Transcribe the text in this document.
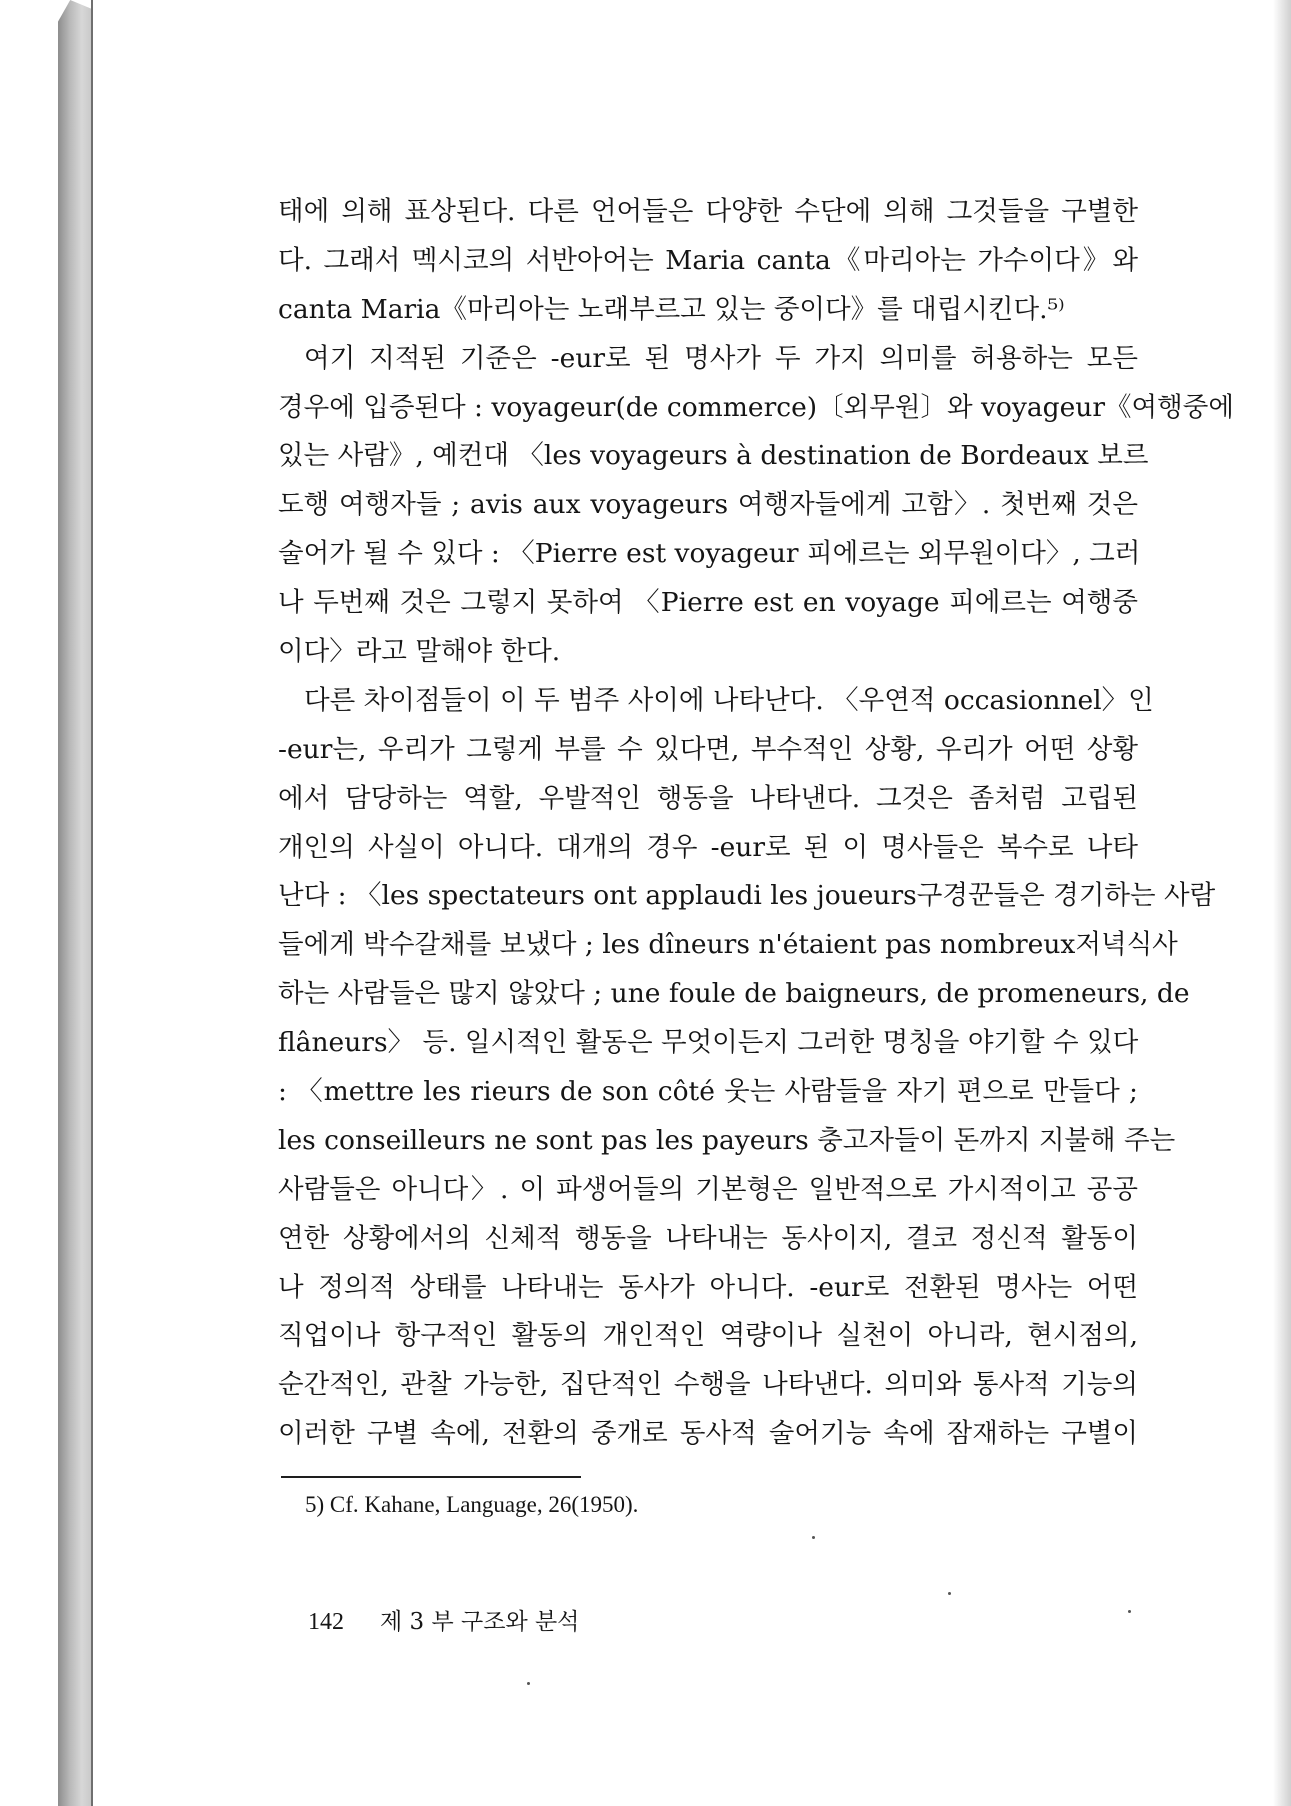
태에 의해 표상된다. 다른 언어들은 다양한 수단에 의해 그것들을 구별한
다. 그래서 멕시코의 서반아어는 Maria canta《마리아는 가수이다》와
canta Maria《마리아는 노래부르고 있는 중이다》를 대립시킨다.⁵⁾
여기 지적된 기준은 -eur로 된 명사가 두 가지 의미를 허용하는 모든
경우에 입증된다 : voyageur(de commerce)〔외무원〕와 voyageur《여행중에
있는 사람》, 예컨대 〈les voyageurs à destination de Bordeaux 보르
도행 여행자들 ; avis aux voyageurs 여행자들에게 고함〉. 첫번째 것은
술어가 될 수 있다 : 〈Pierre est voyageur 피에르는 외무원이다〉, 그러
나 두번째 것은 그렇지 못하여 〈Pierre est en voyage 피에르는 여행중
이다〉라고 말해야 한다.
다른 차이점들이 이 두 범주 사이에 나타난다. 〈우연적 occasionnel〉인
-eur는, 우리가 그렇게 부를 수 있다면, 부수적인 상황, 우리가 어떤 상황
에서 담당하는 역할, 우발적인 행동을 나타낸다. 그것은 좀처럼 고립된
개인의 사실이 아니다. 대개의 경우 -eur로 된 이 명사들은 복수로 나타
난다 : 〈les spectateurs ont applaudi les joueurs구경꾼들은 경기하는 사람
들에게 박수갈채를 보냈다 ; les dîneurs n'étaient pas nombreux저녁식사
하는 사람들은 많지 않았다 ; une foule de baigneurs, de promeneurs, de
flâneurs〉 등. 일시적인 활동은 무엇이든지 그러한 명칭을 야기할 수 있다
: 〈mettre les rieurs de son côté 웃는 사람들을 자기 편으로 만들다 ;
les conseilleurs ne sont pas les payeurs 충고자들이 돈까지 지불해 주는
사람들은 아니다〉. 이 파생어들의 기본형은 일반적으로 가시적이고 공공
연한 상황에서의 신체적 행동을 나타내는 동사이지, 결코 정신적 활동이
나 정의적 상태를 나타내는 동사가 아니다. -eur로 전환된 명사는 어떤
직업이나 항구적인 활동의 개인적인 역량이나 실천이 아니라, 현시점의,
순간적인, 관찰 가능한, 집단적인 수행을 나타낸다. 의미와 통사적 기능의
이러한 구별 속에, 전환의 중개로 동사적 술어기능 속에 잠재하는 구별이
5) Cf. Kahane, Language, 26(1950).
142 제 3 부 구조와 분석
